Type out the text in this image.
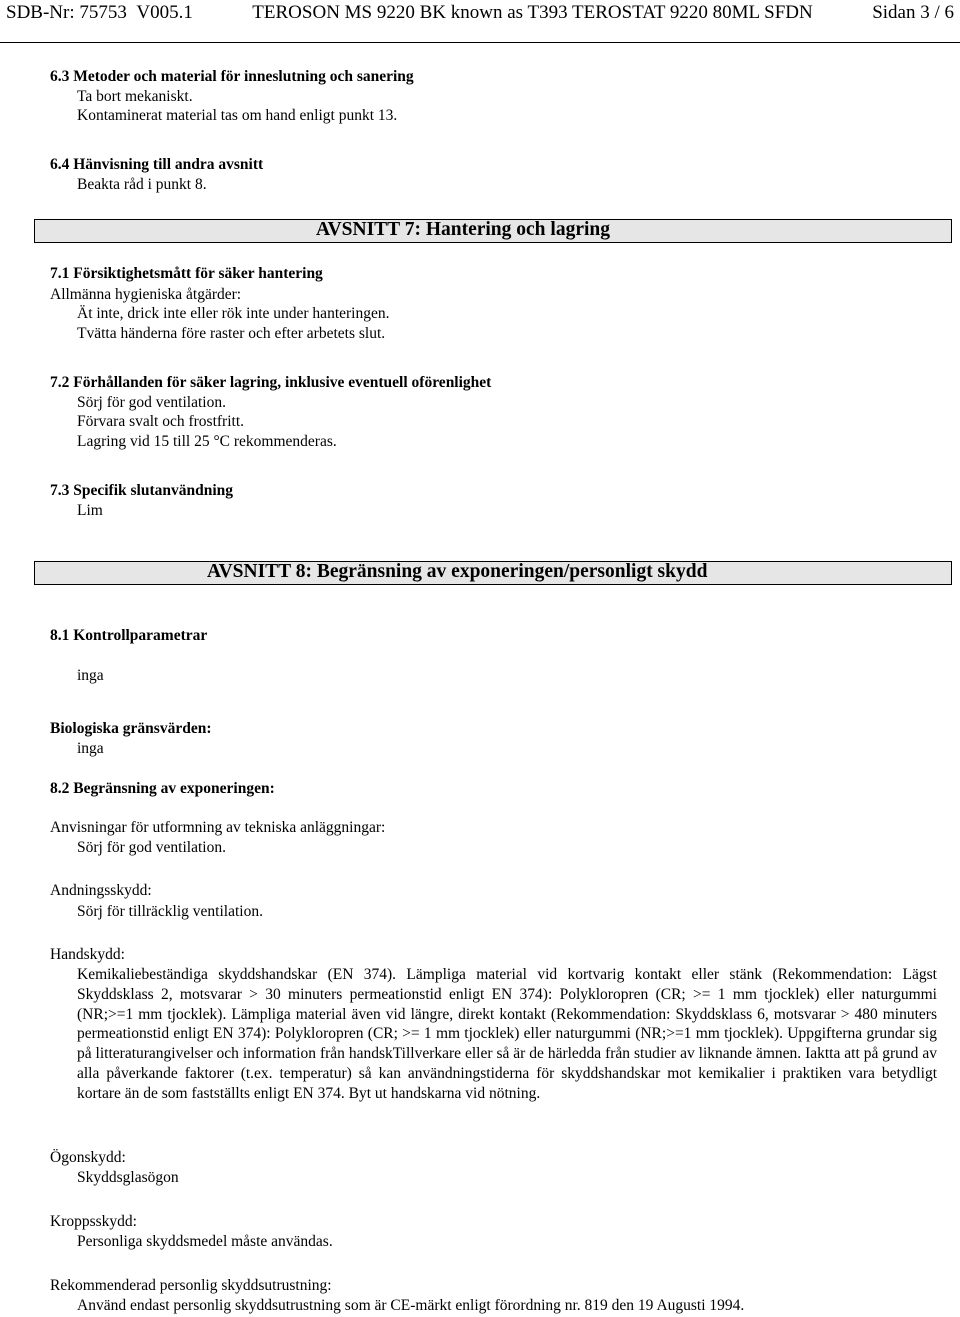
SDB-Nr: 75753 V005.1	TEROSON MS 9220 BK known as T393 TEROSTAT 9220 80ML SFDN	Sidan 3 / 6
6.3 Metoder och material för inneslutning och sanering
Ta bort mekaniskt.
Kontaminerat material tas om hand enligt punkt 13.
6.4 Hänvisning till andra avsnitt
Beakta råd i punkt 8.
AVSNITT 7: Hantering och lagring
7.1 Försiktighetsmått för säker hantering
Allmänna hygieniska åtgärder:
Ät inte, drick inte eller rök inte under hanteringen.
Tvätta händerna före raster och efter arbetets slut.
7.2 Förhållanden för säker lagring, inklusive eventuell oförenlighet
Sörj för god ventilation.
Förvara svalt och frostfritt.
Lagring vid 15 till 25 °C rekommenderas.
7.3 Specifik slutanvändning
Lim
AVSNITT 8: Begränsning av exponeringen/personligt skydd
8.1 Kontrollparametrar
inga
Biologiska gränsvärden:
inga
8.2 Begränsning av exponeringen:
Anvisningar för utformning av tekniska anläggningar:
Sörj för god ventilation.
Andningsskydd:
Sörj för tillräcklig ventilation.
Handskydd:
Kemikaliebeständiga skyddshandskar (EN 374). Lämpliga material vid kortvarig kontakt eller stänk (Rekommendation: Lägst Skyddsklass 2, motsvarar > 30 minuters permeationstid enligt EN 374): Polykloropren (CR; >= 1 mm tjocklek) eller naturgummi (NR;>=1 mm tjocklek). Lämpliga material även vid längre, direkt kontakt (Rekommendation: Skyddsklass 6, motsvarar > 480 minuters permeationstid enligt EN 374): Polykloropren (CR; >= 1 mm tjocklek) eller naturgummi (NR;>=1 mm tjocklek). Uppgifterna grundar sig på litteraturangivelser och information från handskTillverkare eller så är de härledda från studier av liknande ämnen. Iaktta att på grund av alla påverkande faktorer (t.ex. temperatur) så kan användningstiderna för skyddshandskar mot kemikalier i praktiken vara betydligt kortare än de som fastställts enligt EN 374. Byt ut handskarna vid nötning.
Ögonskydd:
Skyddsglasögon
Kroppsskydd:
Personliga skyddsmedel måste användas.
Rekommenderad personlig skyddsutrustning:
Använd endast personlig skyddsutrustning som är CE-märkt enligt förordning nr. 819 den 19 Augusti 1994.
